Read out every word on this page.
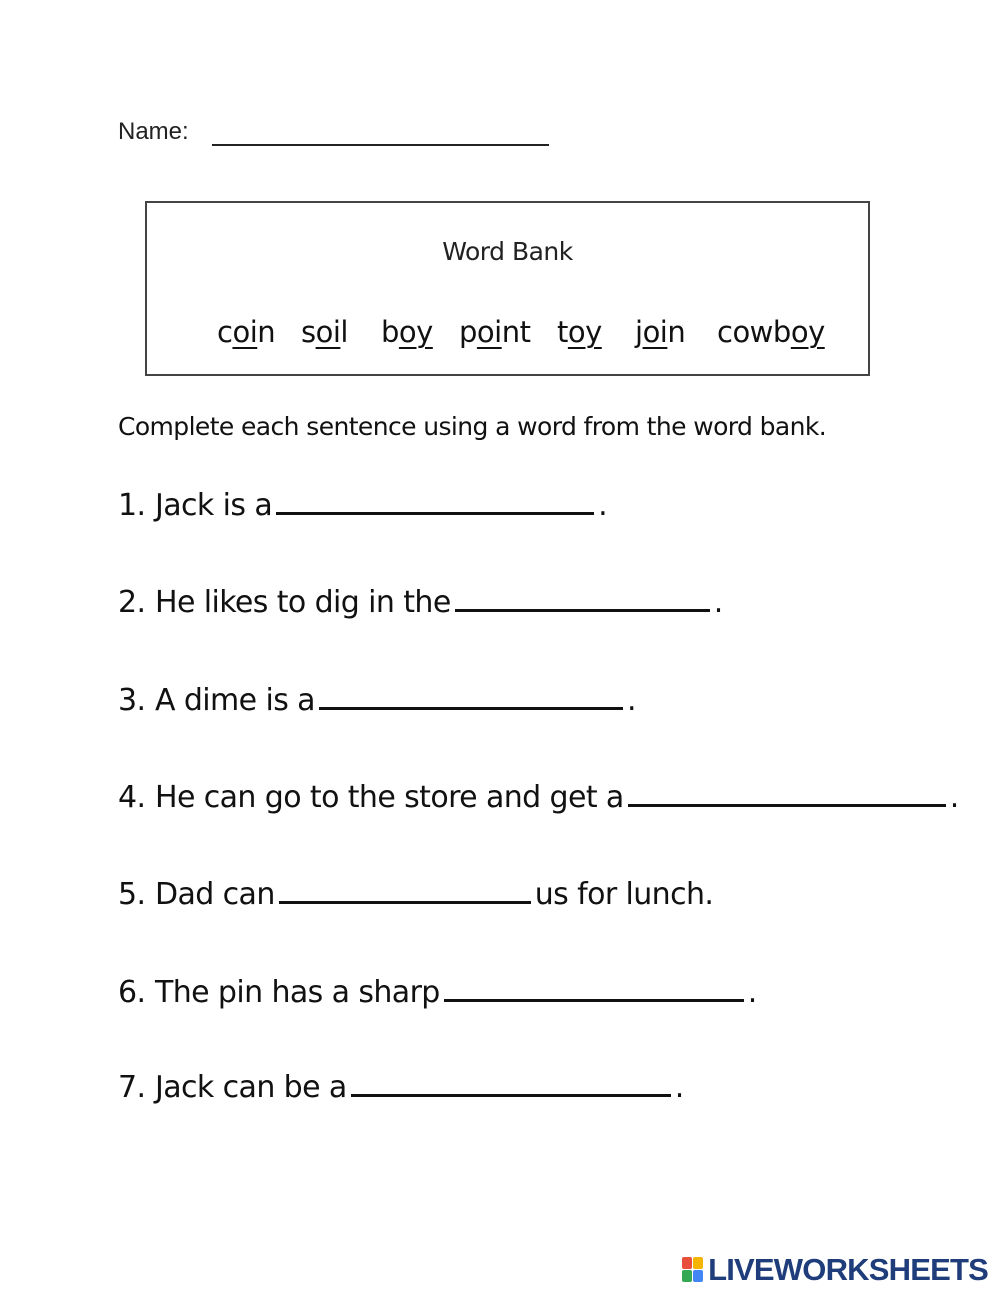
Name:
Word Bank
coin soil boy point toy join cowboy
Complete each sentence using a word from the word bank.
1. Jack is a	.
2. He likes to dig in the	.
3. A dime is a	.
4. He can go to the store and get a	.
5. Dad can	us for lunch.
6. The pin has a sharp	.
7. Jack can be a	.
LIVEWORKSHEETS
